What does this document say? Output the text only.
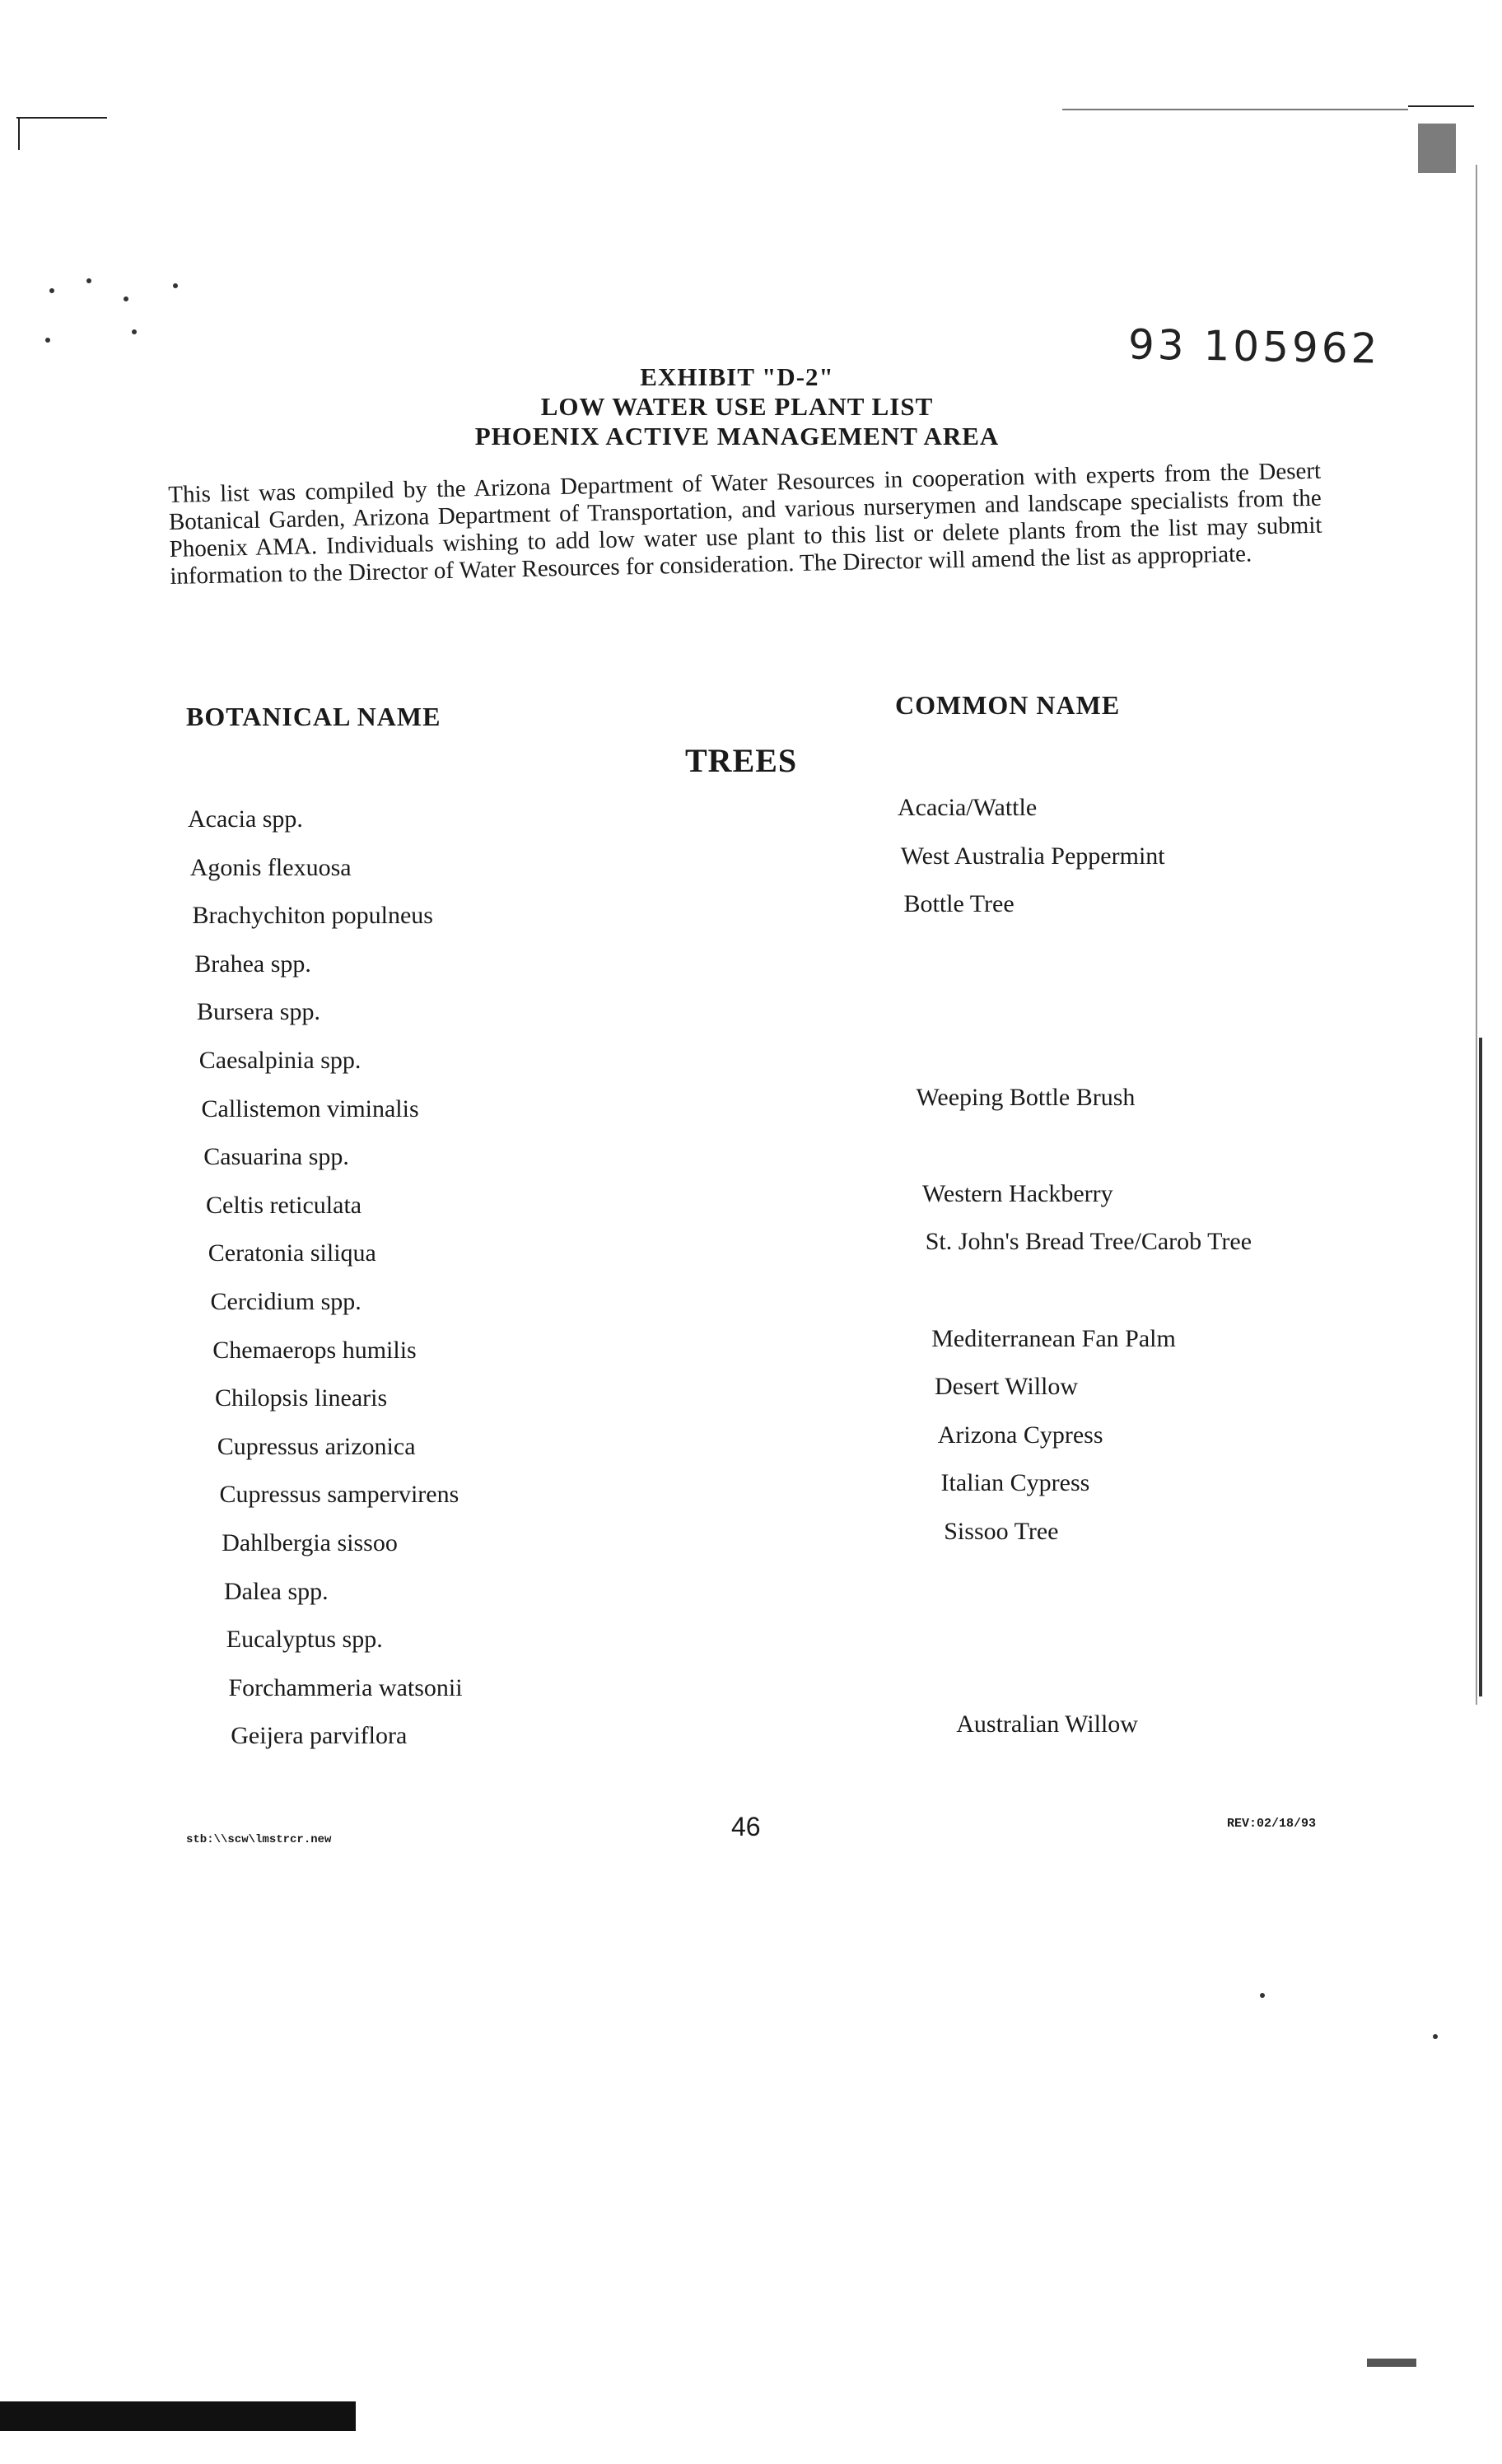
93 105962
EXHIBIT "D-2"
LOW WATER USE PLANT LIST
PHOENIX ACTIVE MANAGEMENT AREA
This list was compiled by the Arizona Department of Water Resources in cooperation with experts from the Desert Botanical Garden, Arizona Department of Transportation, and various nurserymen and landscape specialists from the Phoenix AMA. Individuals wishing to add low water use plant to this list or delete plants from the list may submit information to the Director of Water Resources for consideration. The Director will amend the list as appropriate.
BOTANICAL NAME	COMMON NAME
TREES
Acacia spp.	Acacia/Wattle
Agonis flexuosa	West Australia Peppermint
Brachychiton populneus	Bottle Tree
Brahea spp.
Bursera spp.
Caesalpinia spp.
Callistemon viminalis	Weeping Bottle Brush
Casuarina spp.
Celtis reticulata	Western Hackberry
Ceratonia siliqua	St. John's Bread Tree/Carob Tree
Cercidium spp.
Chemaerops humilis	Mediterranean Fan Palm
Chilopsis linearis	Desert Willow
Cupressus arizonica	Arizona Cypress
Cupressus sampervirens	Italian Cypress
Dahlbergia sissoo	Sissoo Tree
Dalea spp.
Eucalyptus spp.
Forchammeria watsonii
Geijera parviflora	Australian Willow
stb:\\scw\lmstrcr.new	46	REV:02/18/93
